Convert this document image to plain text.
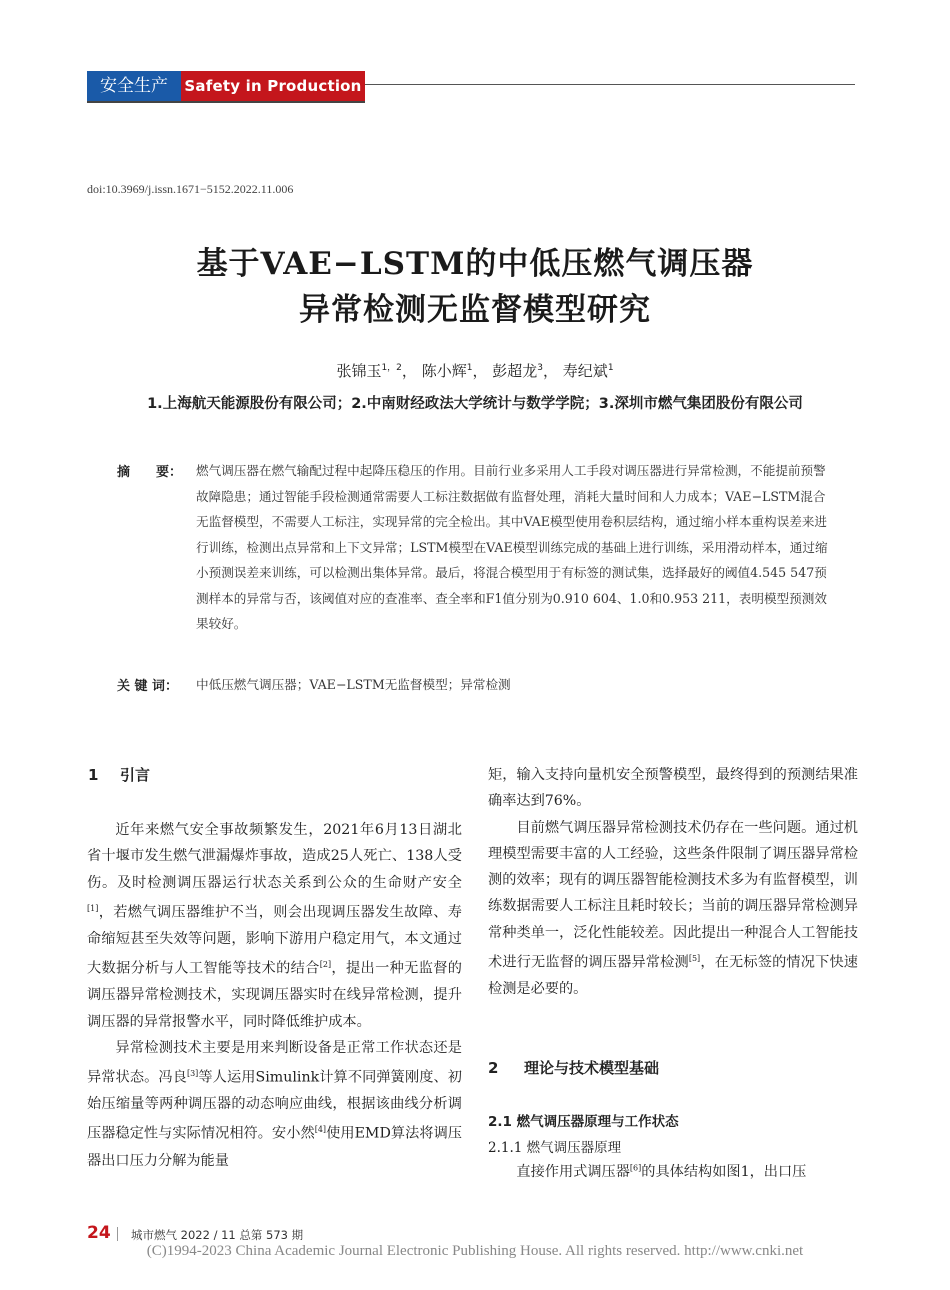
安全生产	Safety in Production
doi:10.3969/j.issn.1671−5152.2022.11.006
基于VAE−LSTM的中低压燃气调压器
异常检测无监督模型研究
张锦玉$^{1,2}$， 陈小辉$^1$， 彭超龙$^3$， 寿纪斌$^1$
1.上海航天能源股份有限公司；2.中南财经政法大学统计与数学学院；3.深圳市燃气集团股份有限公司
摘　　要： 燃气调压器在燃气输配过程中起降压稳压的作用。目前行业多采用人工手段对调压器进行异常检测，不能提前预警故障隐患；通过智能手段检测通常需要人工标注数据做有监督处理，消耗大量时间和人力成本；VAE−LSTM混合无监督模型，不需要人工标注，实现异常的完全检出。其中VAE模型使用卷积层结构，通过缩小样本重构误差来进行训练，检测出点异常和上下文异常；LSTM模型在VAE模型训练完成的基础上进行训练，采用滑动样本，通过缩小预测误差来训练，可以检测出集体异常。最后，将混合模型用于有标签的测试集，选择最好的阈值4.545 547预测样本的异常与否，该阈值对应的查准率、查全率和F1值分别为0.910 604、1.0和0.953 211，表明模型预测效果较好。
关 键 词： 中低压燃气调压器；VAE−LSTM无监督模型；异常检测
1 引言

近年来燃气安全事故频繁发生，2021年6月13日湖北省十堰市发生燃气泄漏爆炸事故，造成25人死亡、138人受伤。及时检测调压器运行状态关系到公众的生命财产安全[1]，若燃气调压器维护不当，则会出现调压器发生故障、寿命缩短甚至失效等问题，影响下游用户稳定用气，本文通过大数据分析与人工智能等技术的结合[2]，提出一种无监督的调压器异常检测技术，实现调压器实时在线异常检测，提升调压器的异常报警水平，同时降低维护成本。

异常检测技术主要是用来判断设备是正常工作状态还是异常状态。冯良[3]等人运用Simulink计算不同弹簧刚度、初始压缩量等两种调压器的动态响应曲线，根据该曲线分析调压器稳定性与实际情况相符。安小然[4]使用EMD算法将调压器出口压力分解为能量

矩，输入支持向量机安全预警模型，最终得到的预测结果准确率达到76%。

目前燃气调压器异常检测技术仍存在一些问题。通过机理模型需要丰富的人工经验，这些条件限制了调压器异常检测的效率；现有的调压器智能检测技术多为有监督模型，训练数据需要人工标注且耗时较长；当前的调压器异常检测异常种类单一，泛化性能较差。因此提出一种混合人工智能技术进行无监督的调压器异常检测[5]，在无标签的情况下快速检测是必要的。

2 理论与技术模型基础
2.1 燃气调压器原理与工作状态
2.1.1 燃气调压器原理
直接作用式调压器[6]的具体结构如图1，出口压
24 城市燃气 2022 / 11 总第 573 期
(C)1994-2023 China Academic Journal Electronic Publishing House. All rights reserved. http://www.cnki.net
